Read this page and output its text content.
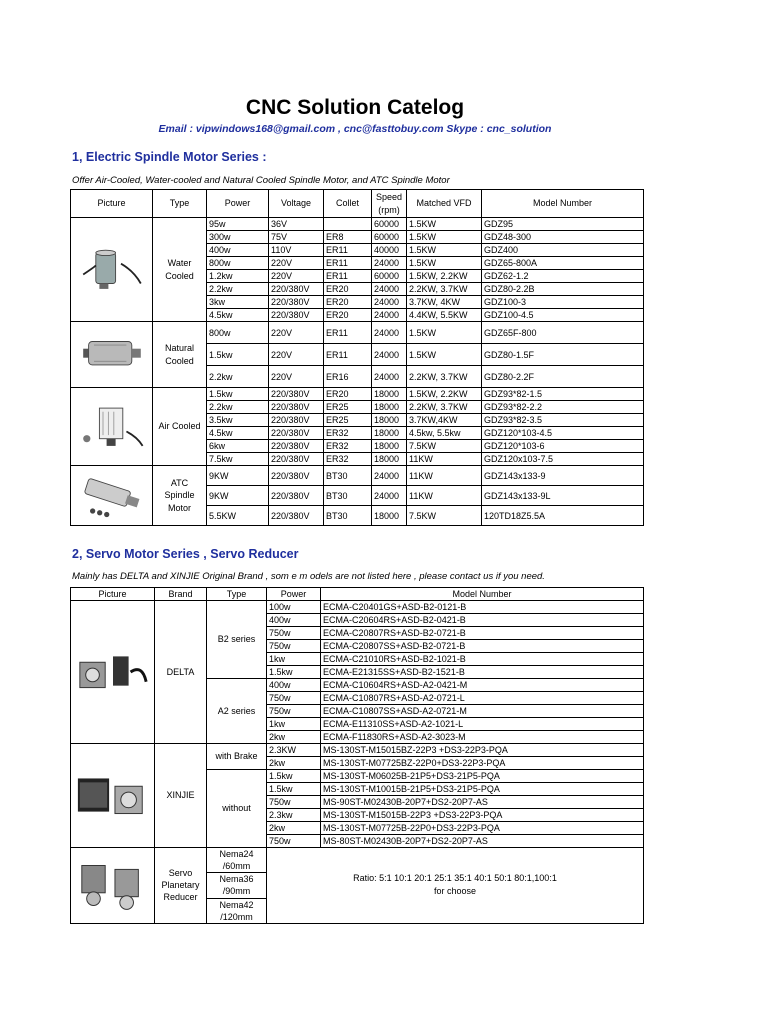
CNC Solution Catelog
Email : vipwindows168@gmail.com , cnc@fasttobuy.com Skype : cnc_solution
1, Electric Spindle Motor Series :
Offer Air-Cooled, Water-cooled and Natural Cooled Spindle Motor, and ATC Spindle Motor
Picture	Type	Power	Voltage	Collet	Speed (rpm)	Matched VFD	Model Number

	Water Cooled	95w	36V		60000	1.5KW	GDZ95
		300w	75V	ER8	60000	1.5KW	GDZ48-300
		400w	110V	ER11	40000	1.5KW	GDZ400
		800w	220V	ER11	24000	1.5KW	GDZ65-800A
		1.2kw	220V	ER11	60000	1.5KW, 2.2KW	GDZ62-1.2
		2.2kw	220/380V	ER20	24000	2.2KW, 3.7KW	GDZ80-2.2B
		3kw	220/380V	ER20	24000	3.7KW, 4KW	GDZ100-3
		4.5kw	220/380V	ER20	24000	4.4KW, 5.5KW	GDZ100-4.5

	Natural Cooled	800w	220V	ER11	24000	1.5KW	GDZ65F-800
		1.5kw	220V	ER11	24000	1.5KW	GDZ80-1.5F
		2.2kw	220V	ER16	24000	2.2KW, 3.7KW	GDZ80-2.2F

	Air Cooled	1.5kw	220/380V	ER20	18000	1.5KW, 2.2KW	GDZ93*82-1.5
		2.2kw	220/380V	ER25	18000	2.2KW, 3.7KW	GDZ93*82-2.2
		3.5kw	220/380V	ER25	18000	3.7KW,4KW	GDZ93*82-3.5
		4.5kw	220/380V	ER32	18000	4.5kw, 5.5kw	GDZ120*103-4.5
		6kw	220/380V	ER32	18000	7.5KW	GDZ120*103-6
		7.5kw	220/380V	ER32	18000	11KW	GDZ120x103-7.5

	ATC Spindle Motor	9KW	220/380V	BT30	24000	11KW	GDZ143x133-9
		9KW	220/380V	BT30	24000	11KW	GDZ143x133-9L
		5.5KW	220/380V	BT30	18000	7.5KW	120TD18Z5.5A
2, Servo Motor Series , Servo Reducer
Mainly has DELTA and XINJIE Original Brand , som e m odels are not listed here , please contact us if you need.
Picture	Brand	Type	Power	Model Number

	DELTA	B2 series	100w	ECMA-C20401GS+ASD-B2-0121-B
			400w	ECMA-C20604RS+ASD-B2-0421-B
			750w	ECMA-C20807RS+ASD-B2-0721-B
			750w	ECMA-C20807SS+ASD-B2-0721-B
			1kw	ECMA-C21010RS+ASD-B2-1021-B
			1.5kw	ECMA-E21315SS+ASD-B2-1521-B
		A2 series	400w	ECMA-C10604RS+ASD-A2-0421-M
			750w	ECMA-C10807RS+ASD-A2-0721-L
			750w	ECMA-C10807SS+ASD-A2-0721-M
			1kw	ECMA-E11310SS+ASD-A2-1021-L
			2kw	ECMA-F11830RS+ASD-A2-3023-M

	XINJIE	with Brake	2.3KW	MS-130ST-M15015BZ-22P3 +DS3-22P3-PQA
			2kw	MS-130ST-M07725BZ-22P0+DS3-22P3-PQA
		without	1.5kw	MS-130ST-M06025B-21P5+DS3-21P5-PQA
			1.5kw	MS-130ST-M10015B-21P5+DS3-21P5-PQA
			750w	MS-90ST-M02430B-20P7+DS2-20P7-AS
			2.3kw	MS-130ST-M15015B-22P3 +DS3-22P3-PQA
			2kw	MS-130ST-M07725B-22P0+DS3-22P3-PQA
			750w	MS-80ST-M02430B-20P7+DS2-20P7-AS

	Servo Planetary Reducer	Nema24 /60mm	Ratio: 5:1 10:1 20:1 25:1 35:1 40:1 50:1 80:1,100:1
for choose	
		Nema36 /90mm		
		Nema42 /120mm		
